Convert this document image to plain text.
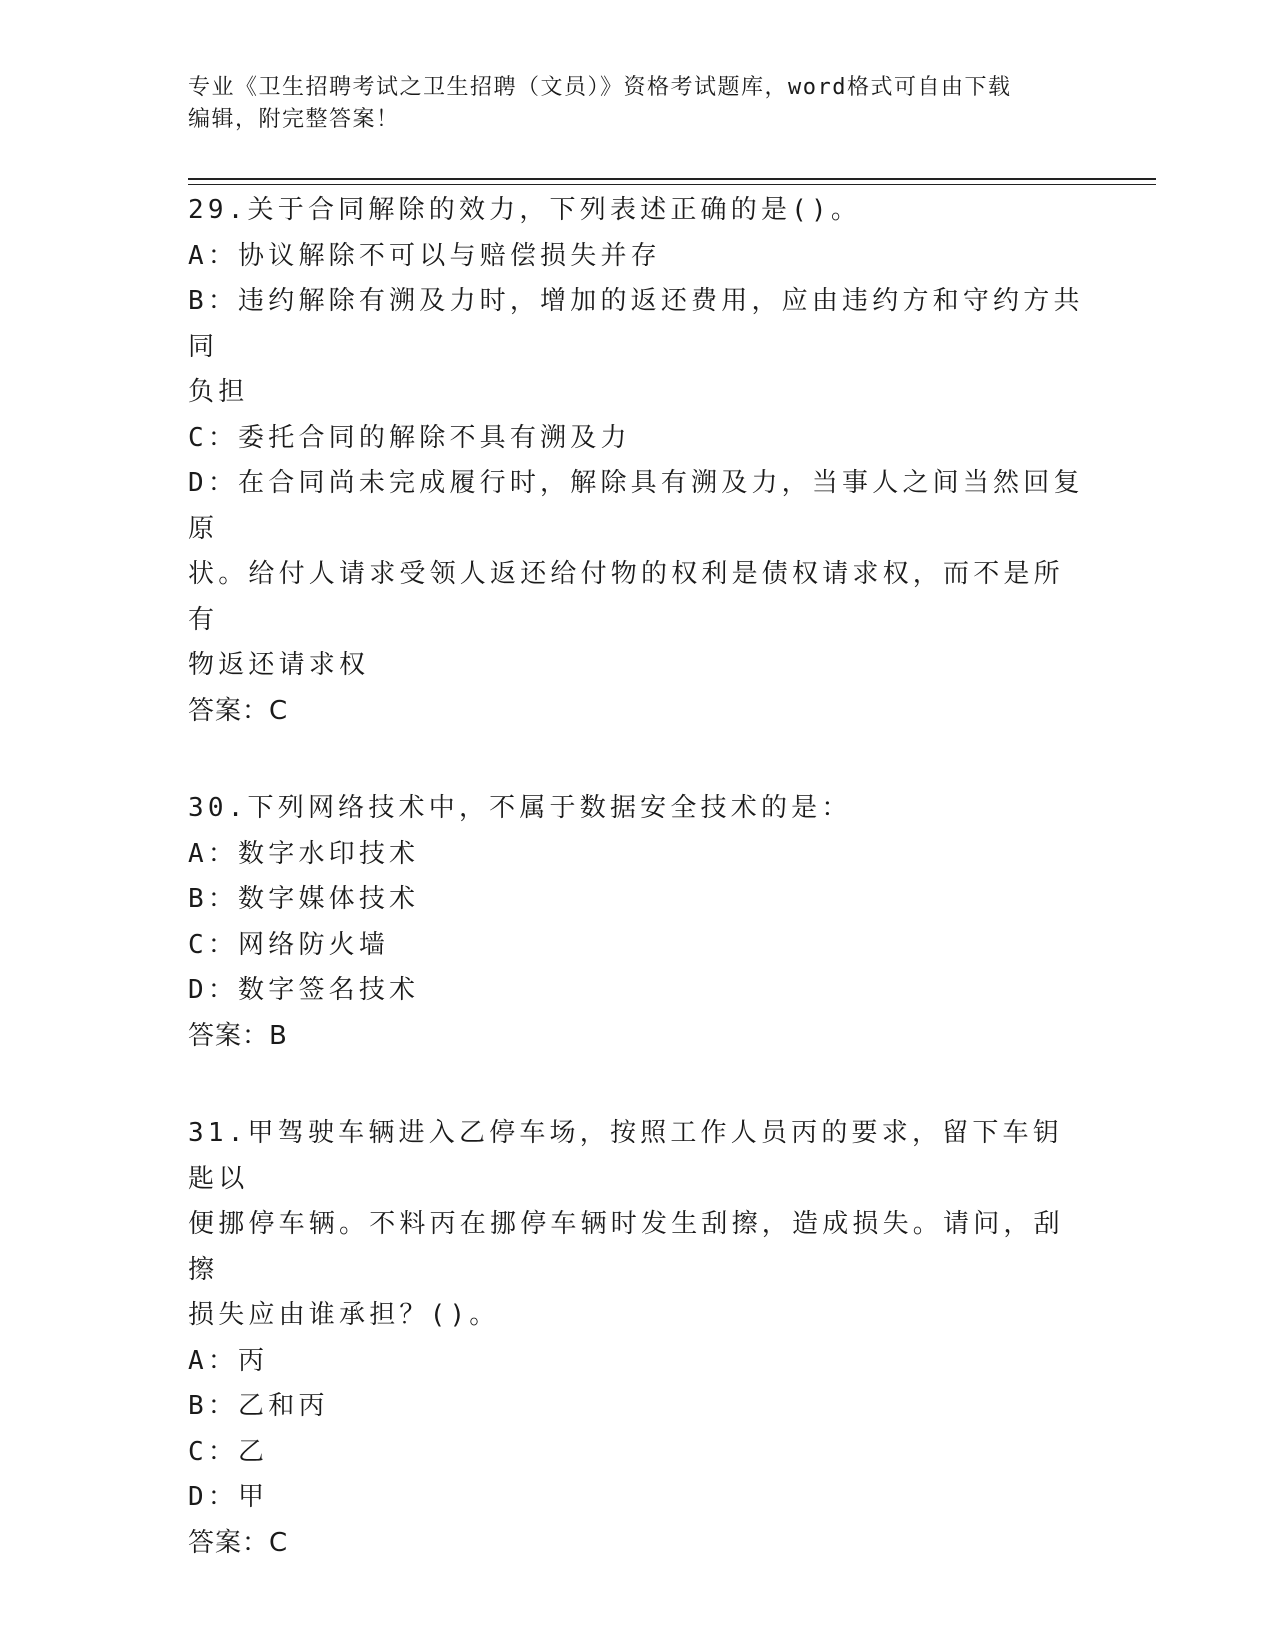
专业《卫生招聘考试之卫生招聘（文员）》资格考试题库，word格式可自由下载
编辑，附完整答案！
29.关于合同解除的效力，下列表述正确的是()。
A：协议解除不可以与赔偿损失并存
B：违约解除有溯及力时，增加的返还费用，应由违约方和守约方共同
负担
C：委托合同的解除不具有溯及力
D：在合同尚未完成履行时，解除具有溯及力，当事人之间当然回复原
状。给付人请求受领人返还给付物的权利是债权请求权，而不是所有
物返还请求权
答案：C
30.下列网络技术中，不属于数据安全技术的是：
A：数字水印技术
B：数字媒体技术
C：网络防火墙
D：数字签名技术
答案：B
31.甲驾驶车辆进入乙停车场，按照工作人员丙的要求，留下车钥匙以
便挪停车辆。不料丙在挪停车辆时发生刮擦，造成损失。请问，刮擦
损失应由谁承担？()。
A：丙
B：乙和丙
C：乙
D：甲
答案：C
